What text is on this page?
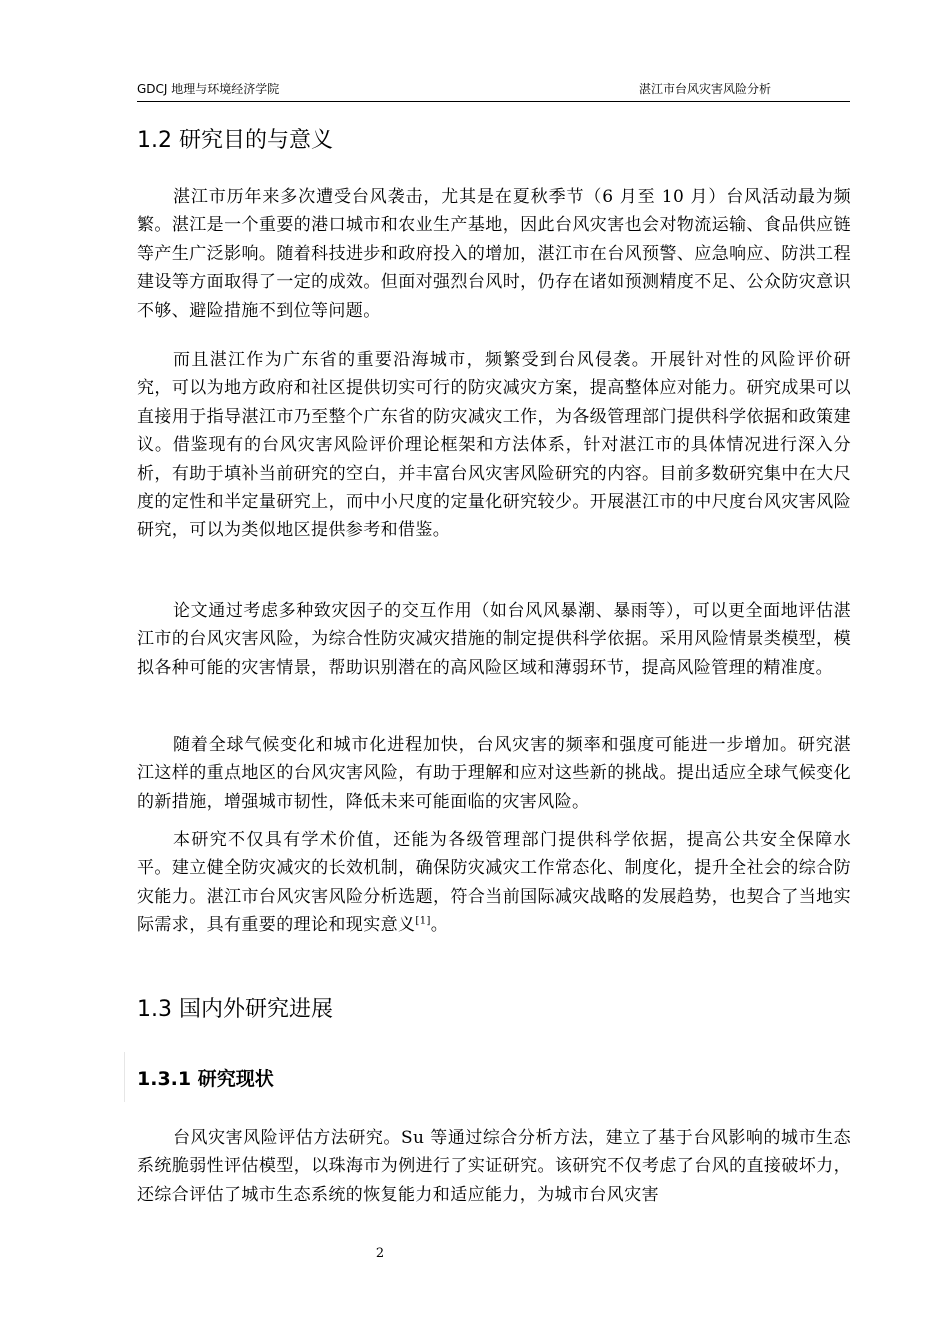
GDCJ 地理与环境经济学院	湛江市台风灾害风险分析
1.2 研究目的与意义

湛江市历年来多次遭受台风袭击，尤其是在夏秋季节（6 月至 10 月）台风活动最为频繁。湛江是一个重要的港口城市和农业生产基地，因此台风灾害也会对物流运输、食品供应链等产生广泛影响。随着科技进步和政府投入的增加，湛江市在台风预警、应急响应、防洪工程建设等方面取得了一定的成效。但面对强烈台风时，仍存在诸如预测精度不足、公众防灾意识不够、避险措施不到位等问题。

而且湛江作为广东省的重要沿海城市，频繁受到台风侵袭。开展针对性的风险评价研究，可以为地方政府和社区提供切实可行的防灾减灾方案，提高整体应对能力。研究成果可以直接用于指导湛江市乃至整个广东省的防灾减灾工作，为各级管理部门提供科学依据和政策建议。借鉴现有的台风灾害风险评价理论框架和方法体系，针对湛江市的具体情况进行深入分析，有助于填补当前研究的空白，并丰富台风灾害风险研究的内容。目前多数研究集中在大尺度的定性和半定量研究上，而中小尺度的定量化研究较少。开展湛江市的中尺度台风灾害风险研究，可以为类似地区提供参考和借鉴。

论文通过考虑多种致灾因子的交互作用（如台风风暴潮、暴雨等），可以更全面地评估湛江市的台风灾害风险，为综合性防灾减灾措施的制定提供科学依据。采用风险情景类模型，模拟各种可能的灾害情景，帮助识别潜在的高风险区域和薄弱环节，提高风险管理的精准度。

随着全球气候变化和城市化进程加快，台风灾害的频率和强度可能进一步增加。研究湛江这样的重点地区的台风灾害风险，有助于理解和应对这些新的挑战。提出适应全球气候变化的新措施，增强城市韧性，降低未来可能面临的灾害风险。

本研究不仅具有学术价值，还能为各级管理部门提供科学依据，提高公共安全保障水平。建立健全防灾减灾的长效机制，确保防灾减灾工作常态化、制度化，提升全社会的综合防灾能力。湛江市台风灾害风险分析选题，符合当前国际减灾战略的发展趋势，也契合了当地实际需求，具有重要的理论和现实意义[1]。

1.3 国内外研究进展
1.3.1 研究现状

台风灾害风险评估方法研究。Su 等通过综合分析方法，建立了基于台风影响的城市生态系统脆弱性评估模型，以珠海市为例进行了实证研究。该研究不仅考虑了台风的直接破坏力，还综合评估了城市生态系统的恢复能力和适应能力，为城市台风灾害

2
